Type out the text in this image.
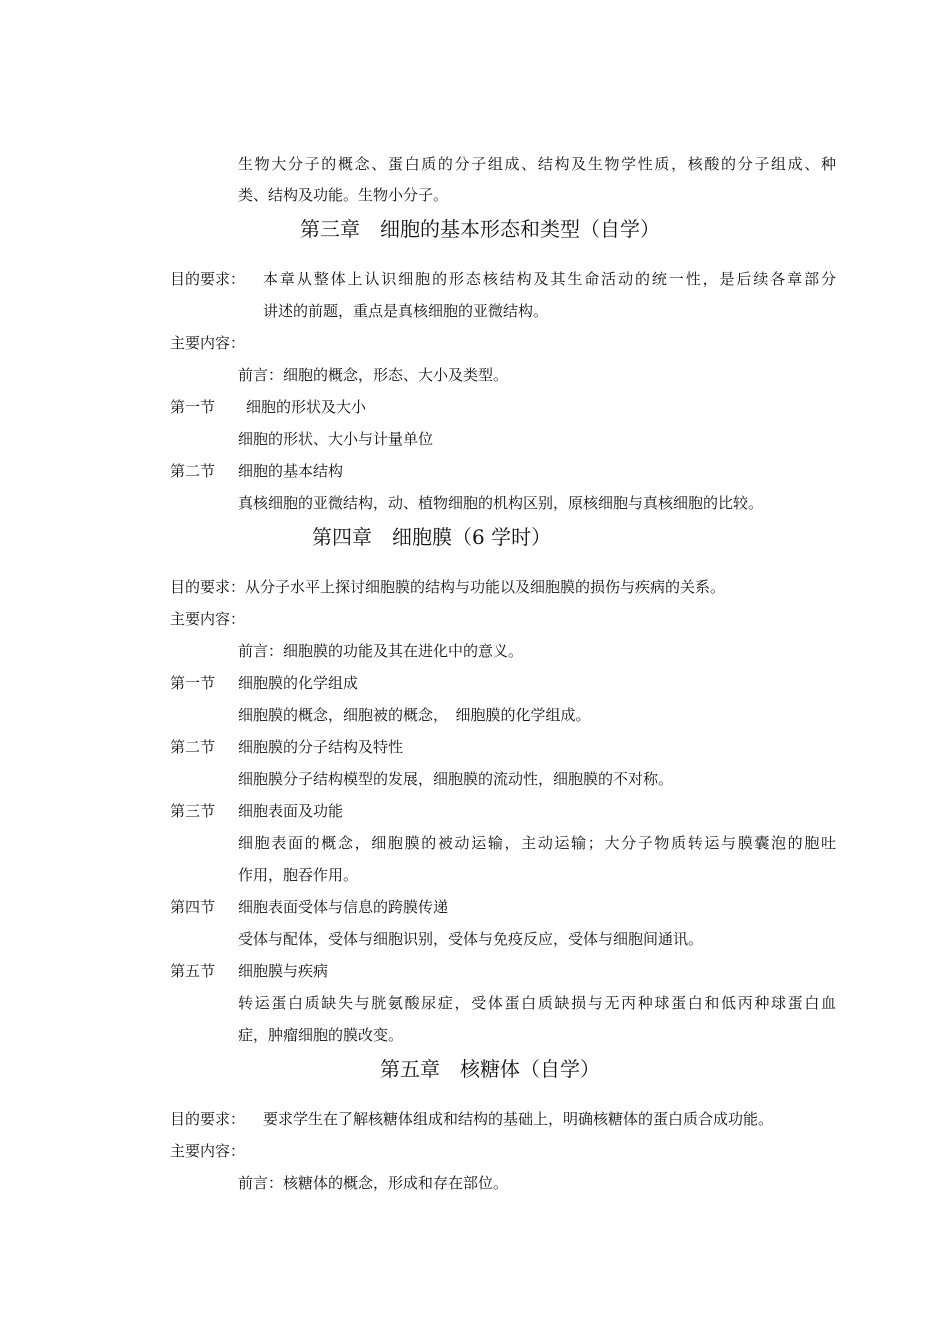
生物大分子的概念、蛋白质的分子组成、结构及生物学性质，核酸的分子组成、种
类、结构及功能。生物小分子。
第三章　细胞的基本形态和类型（自学）
目的要求： 本章从整体上认识细胞的形态核结构及其生命活动的统一性，是后续各章部分
讲述的前题，重点是真核细胞的亚微结构。
主要内容：
前言：细胞的概念，形态、大小及类型。
第一节 细胞的形状及大小
细胞的形状、大小与计量单位
第二节 细胞的基本结构
真核细胞的亚微结构，动、植物细胞的机构区别，原核细胞与真核细胞的比较。
第四章　细胞膜（6 学时）
目的要求：从分子水平上探讨细胞膜的结构与功能以及细胞膜的损伤与疾病的关系。
主要内容：
前言：细胞膜的功能及其在进化中的意义。
第一节 细胞膜的化学组成
细胞膜的概念，细胞被的概念，　细胞膜的化学组成。
第二节 细胞膜的分子结构及特性
细胞膜分子结构模型的发展，细胞膜的流动性，细胞膜的不对称。
第三节 细胞表面及功能
细胞表面的概念，细胞膜的被动运输，主动运输；大分子物质转运与膜囊泡的胞吐
作用，胞吞作用。
第四节 细胞表面受体与信息的跨膜传递
受体与配体，受体与细胞识别，受体与免疫反应，受体与细胞间通讯。
第五节 细胞膜与疾病
转运蛋白质缺失与胱氨酸尿症，受体蛋白质缺损与无丙种球蛋白和低丙种球蛋白血
症，肿瘤细胞的膜改变。
第五章　核糖体（自学）
目的要求： 要求学生在了解核糖体组成和结构的基础上，明确核糖体的蛋白质合成功能。
主要内容：
前言：核糖体的概念，形成和存在部位。
